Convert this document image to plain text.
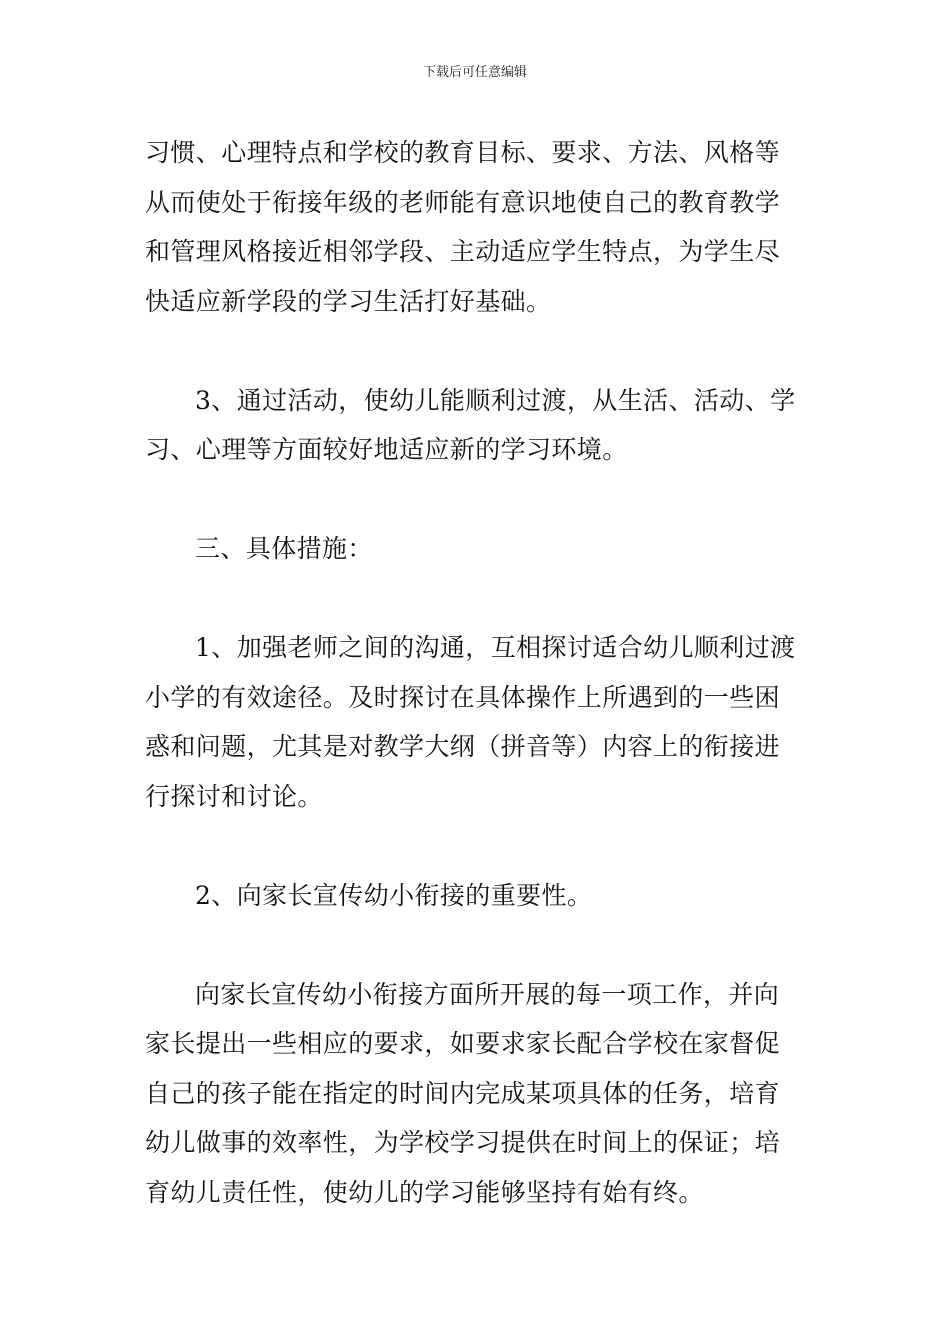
下载后可任意编辑
习惯、心理特点和学校的教育目标、要求、方法、风格等
从而使处于衔接年级的老师能有意识地使自己的教育教学
和管理风格接近相邻学段、主动适应学生特点，为学生尽
快适应新学段的学习生活打好基础。
3、通过活动，使幼儿能顺利过渡，从生活、活动、学
习、心理等方面较好地适应新的学习环境。
三、具体措施：
1、加强老师之间的沟通，互相探讨适合幼儿顺利过渡
小学的有效途径。及时探讨在具体操作上所遇到的一些困
惑和问题，尤其是对教学大纲（拼音等）内容上的衔接进
行探讨和讨论。
2、向家长宣传幼小衔接的重要性。
向家长宣传幼小衔接方面所开展的每一项工作，并向
家长提出一些相应的要求，如要求家长配合学校在家督促
自己的孩子能在指定的时间内完成某项具体的任务，培育
幼儿做事的效率性，为学校学习提供在时间上的保证；培
育幼儿责任性，使幼儿的学习能够坚持有始有终。
